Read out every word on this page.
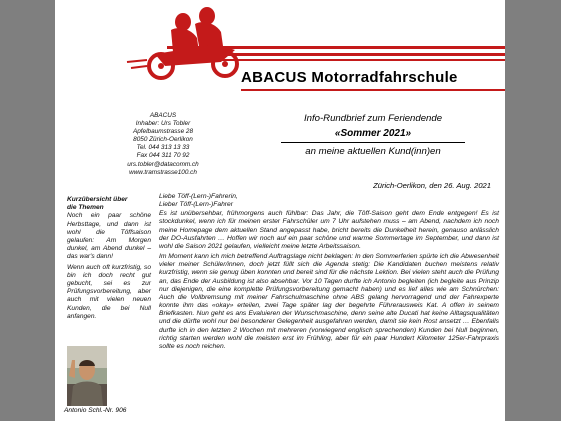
ABACUS Motorradfahrschule
ABACUS
Inhaber: Urs Tobler
Apfelbaumstrasse 28
8050 Zürich-Oerlikon
Tel. 044 313 13 33
Fax 044 311 70 92
urs.tobler@datacomm.ch
www.tramstrasse100.ch
Info-Rundbrief zum Feriendende
«Sommer 2021»
an meine aktuellen Kund(inn)en
Zürich-Oerlikon, den 26. Aug. 2021
Kurzübersicht über
die Themen

Noch ein paar schöne Herbsttage, und dann ist wohl die Töffsaison gelaufen: Am Morgen dunkel, am Abend dunkel – das war's dann!

Wenn auch oft kurzfristig, so bin ich doch recht gut gebucht, sei es zur Prüfungsvorbereitung, aber auch mit vielen neuen Kunden, die bei Null anfangen.

Antonio Schl.-Nr. 906
Liebe Töff-(Lern-)Fahrerin,
Lieber Töff-(Lern-)Fahrer

Es ist unübersehbar, frühmorgens auch fühlbar: Das Jahr, die Töff-Saison geht dem Ende entgegen! Es ist stockdunkel, wenn ich für meinen erster Fahrschüler um 7 Uhr aufstehen muss – am Abend, nachdem ich noch meine Homepage dem aktuellen Stand angepasst habe, bricht bereits die Dunkelheit herein, genauso anlässlich der DO-Ausfahrten … Hoffen wir noch auf ein paar schöne und warme Sommertage im September, und dann ist wohl die Saison 2021 gelaufen, vielleicht meine letzte Arbeitssaison.

Im Moment kann ich mich betreffend Auftragslage nicht beklagen: In den Sommerferien spürte ich die Abwesenheit vieler meiner Schüler/innen, doch jetzt füllt sich die Agenda stetig: Die Kandidaten buchen meistens relativ kurzfristig, wenn sie genug üben konnten und bereit sind für die nächste Lektion. Bei vielen steht auch die Prüfung an, das Ende der Ausbildung ist also absehbar. Vor 10 Tagen durfte ich Antonio begleiten (ich begleite aus Prinzip nur diejenigen, die eine komplette Prüfungsvorbereitung gemacht haben) und es lief alles wie am Schnürchen: Auch die Vollbremsung mit meiner Fahrschulmaschine ohne ABS gelang hervorragend und der Fahrexperte konnte ihm das «okay» erteilen, zwei Tage später lag der begehrte Führerausweis Kat. A offen in seinem Briefkasten. Nun geht es ans Evaluieren der Wunschmaschine, denn seine alte Ducati hat keine Alltagsqualitäten und die dürfte wohl nur bei besonderer Gelegenheit ausgefahren werden, damit sie kein Rost ansetzt … Ebenfalls durfte ich in den letzten 2 Wochen mit mehreren (vorwiegend englisch sprechenden) Kunden bei Null beginnen, richtig starten werden wohl die meisten erst im Frühling, aber für ein paar Hundert Kilometer 125er-Fahrpraxis sollte es noch reichen.
